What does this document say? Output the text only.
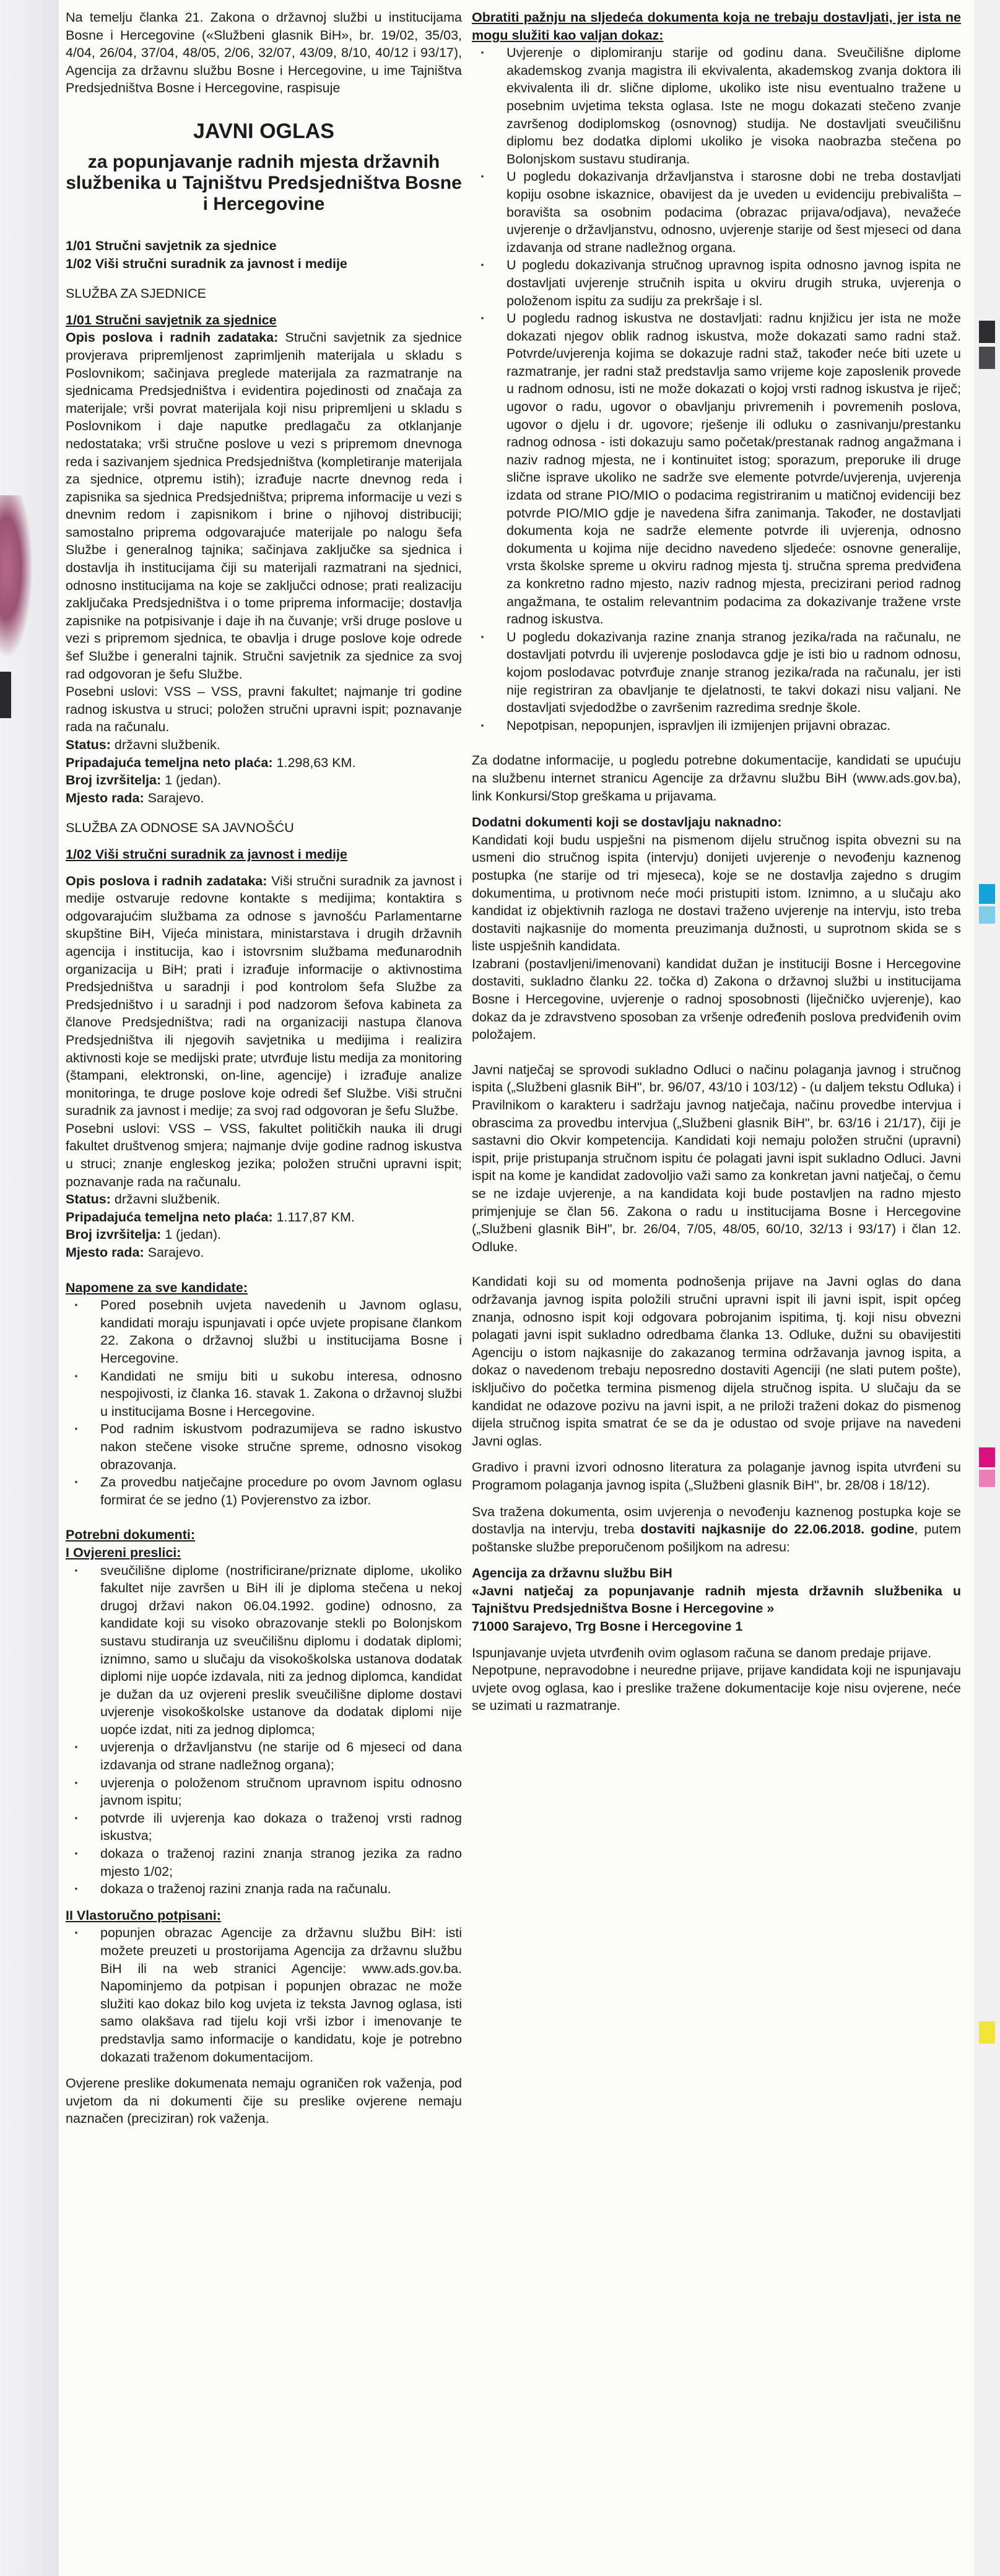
Na temelju članka 21. Zakona o državnoj službi u institucijama Bosne i Hercegovine («Službeni glasnik BiH», br. 19/02, 35/03, 4/04, 26/04, 37/04, 48/05, 2/06, 32/07, 43/09, 8/10, 40/12 i 93/17), Agencija za državnu službu Bosne i Hercegovine, u ime Tajništva Predsjedništva Bosne i Hercegovine, raspisuje

JAVNI OGLAS
za popunjavanje radnih mjesta državnih službenika u Tajništvu Predsjedništva Bosne i Hercegovine

1/01 Stručni savjetnik za sjednice

1/02 Viši stručni suradnik za javnost i medije

SLUŽBA ZA SJEDNICE

1/01 Stručni savjetnik za sjednice

Opis poslova i radnih zadataka: Stručni savjetnik za sjednice provjerava pripremljenost zaprimljenih materijala u skladu s Poslovnikom; sačinjava preglede materijala za razmatranje na sjednicama Predsjedništva i evidentira pojedinosti od značaja za materijale; vrši povrat materijala koji nisu pripremljeni u skladu s Poslovnikom i daje naputke predlagaču za otklanjanje nedostataka; vrši stručne poslove u vezi s pripremom dnevnoga reda i sazivanjem sjednica Predsjedništva (kompletiranje materijala za sjednice, otpremu istih); izrađuje nacrte dnevnog reda i zapisnika sa sjednica Predsjedništva; priprema informacije u vezi s dnevnim redom i zapisnikom i brine o njihovoj distribuciji; samostalno priprema odgovarajuće materijale po nalogu šefa Službe i generalnog tajnika; sačinjava zaključke sa sjednica i dostavlja ih institucijama čiji su materijali razmatrani na sjednici, odnosno institucijama na koje se zaključci odnose; prati realizaciju zaključaka Predsjedništva i o tome priprema informacije; dostavlja zapisnike na potpisivanje i daje ih na čuvanje; vrši druge poslove u vezi s pripremom sjednica, te obavlja i druge poslove koje odrede šef Službe i generalni tajnik. Stručni savjetnik za sjednice za svoj rad odgovoran je šefu Službe.

Posebni uslovi: VSS – VSS, pravni fakultet; najmanje tri godine radnog iskustva u struci; položen stručni upravni ispit; poznavanje rada na računalu.

Status: državni službenik.

Pripadajuća temeljna neto plaća: 1.298,63 KM.

Broj izvršitelja: 1 (jedan).

Mjesto rada: Sarajevo.

SLUŽBA ZA ODNOSE SA JAVNOŠĆU

1/02 Viši stručni suradnik za javnost i medije

Opis poslova i radnih zadataka: Viši stručni suradnik za javnost i medije ostvaruje redovne kontakte s medijima; kontaktira s odgovarajućim službama za odnose s javnošću Parlamentarne skupštine BiH, Vijeća ministara, ministarstava i drugih državnih agencija i institucija, kao i istovrsnim službama međunarodnih organizacija u BiH; prati i izrađuje informacije o aktivnostima Predsjedništva u saradnji i pod kontrolom šefa Službe za Predsjedništvo i u saradnji i pod nadzorom šefova kabineta za članove Predsjedništva; radi na organizaciji nastupa članova Predsjedništva ili njegovih savjetnika u medijima i realizira aktivnosti koje se medijski prate; utvrđuje listu medija za monitoring (štampani, elektronski, on-line, agencije) i izrađuje analize monitoringa, te druge poslove koje odredi šef Službe. Viši stručni suradnik za javnost i medije; za svoj rad odgovoran je šefu Službe.

Posebni uslovi: VSS – VSS, fakultet političkih nauka ili drugi fakultet društvenog smjera; najmanje dvije godine radnog iskustva u struci; znanje engleskog jezika; položen stručni upravni ispit; poznavanje rada na računalu.

Status: državni službenik.

Pripadajuća temeljna neto plaća: 1.117,87 KM.

Broj izvršitelja: 1 (jedan).

Mjesto rada: Sarajevo.

Napomene za sve kandidate:

· Pored posebnih uvjeta navedenih u Javnom oglasu, kandidati moraju ispunjavati i opće uvjete propisane člankom 22. Zakona o državnoj službi u institucijama Bosne i Hercegovine.
· Kandidati ne smiju biti u sukobu interesa, odnosno nespojivosti, iz članka 16. stavak 1. Zakona o državnoj službi u institucijama Bosne i Hercegovine.
· Pod radnim iskustvom podrazumijeva se radno iskustvo nakon stečene visoke stručne spreme, odnosno visokog obrazovanja.
· Za provedbu natječajne procedure po ovom Javnom oglasu formirat će se jedno (1) Povjerenstvo za izbor.

Potrebni dokumenti:

I Ovjereni preslici:

· sveučilišne diplome (nostrificirane/priznate diplome, ukoliko fakultet nije završen u BiH ili je diploma stečena u nekoj drugoj državi nakon 06.04.1992. godine) odnosno, za kandidate koji su visoko obrazovanje stekli po Bolonjskom sustavu studiranja uz sveučilišnu diplomu i dodatak diplomi; iznimno, samo u slučaju da visokoškolska ustanova dodatak diplomi nije uopće izdavala, niti za jednog diplomca, kandidat je dužan da uz ovjereni preslik sveučilišne diplome dostavi uvjerenje visokoškolske ustanove da dodatak diplomi nije uopće izdat, niti za jednog diplomca;
· uvjerenja o državljanstvu (ne starije od 6 mjeseci od dana izdavanja od strane nadležnog organa);
· uvjerenja o položenom stručnom upravnom ispitu odnosno javnom ispitu;
· potvrde ili uvjerenja kao dokaza o traženoj vrsti radnog iskustva;
· dokaza o traženoj razini znanja stranog jezika za radno mjesto 1/02;
· dokaza o traženoj razini znanja rada na računalu.

II Vlastoručno potpisani:

· popunjen obrazac Agencije za državnu službu BiH: isti možete preuzeti u prostorijama Agencija za državnu službu BiH ili na web stranici Agencije: www.ads.gov.ba. Napominjemo da potpisan i popunjen obrazac ne može služiti kao dokaz bilo kog uvjeta iz teksta Javnog oglasa, isti samo olakšava rad tijelu koji vrši izbor i imenovanje te predstavlja samo informacije o kandidatu, koje je potrebno dokazati traženom dokumentacijom.

Ovjerene preslike dokumenata nemaju ograničen rok važenja, pod uvjetom da ni dokumenti čije su preslike ovjerene nemaju naznačen (preciziran) rok važenja.

Obratiti pažnju na sljedeća dokumenta koja ne trebaju dostavljati, jer ista ne mogu služiti kao valjan dokaz:

· Uvjerenje o diplomiranju starije od godinu dana. Sveučilišne diplome akademskog zvanja magistra ili ekvivalenta, akademskog zvanja doktora ili ekvivalenta ili dr. slične diplome, ukoliko iste nisu eventualno tražene u posebnim uvjetima teksta oglasa. Iste ne mogu dokazati stečeno zvanje završenog dodiplomskog (osnovnog) studija. Ne dostavljati sveučilišnu diplomu bez dodatka diplomi ukoliko je visoka naobrazba stečena po Bolonjskom sustavu studiranja.
· U pogledu dokazivanja državljanstva i starosne dobi ne treba dostavljati kopiju osobne iskaznice, obavijest da je uveden u evidenciju prebivališta – boravišta sa osobnim podacima (obrazac prijava/odjava), nevažeće uvjerenje o državljanstvu, odnosno, uvjerenje starije od šest mjeseci od dana izdavanja od strane nadležnog organa.
· U pogledu dokazivanja stručnog upravnog ispita odnosno javnog ispita ne dostavljati uvjerenje stručnih ispita u okviru drugih struka, uvjerenja o položenom ispitu za sudiju za prekršaje i sl.
· U pogledu radnog iskustva ne dostavljati: radnu knjižicu jer ista ne može dokazati njegov oblik radnog iskustva, može dokazati samo radni staž. Potvrde/uvjerenja kojima se dokazuje radni staž, također neće biti uzete u razmatranje, jer radni staž predstavlja samo vrijeme koje zaposlenik provede u radnom odnosu, isti ne može dokazati o kojoj vrsti radnog iskustva je riječ; ugovor o radu, ugovor o obavljanju privremenih i povremenih poslova, ugovor o djelu i dr. ugovore; rješenje ili odluku o zasnivanju/prestanku radnog odnosa - isti dokazuju samo početak/prestanak radnog angažmana i naziv radnog mjesta, ne i kontinuitet istog; sporazum, preporuke ili druge slične isprave ukoliko ne sadrže sve elemente potvrde/uvjerenja, uvjerenja izdata od strane PIO/MIO o podacima registriranim u matičnoj evidenciji bez potvrde PIO/MIO gdje je navedena šifra zanimanja. Također, ne dostavljati dokumenta koja ne sadrže elemente potvrde ili uvjerenja, odnosno dokumenta u kojima nije decidno navedeno sljedeće: osnovne generalije, vrsta školske spreme u okviru radnog mjesta tj. stručna sprema predviđena za konkretno radno mjesto, naziv radnog mjesta, precizirani period radnog angažmana, te ostalim relevantnim podacima za dokazivanje tražene vrste radnog iskustva.
· U pogledu dokazivanja razine znanja stranog jezika/rada na računalu, ne dostavljati potvrdu ili uvjerenje poslodavca gdje je isti bio u radnom odnosu, kojom poslodavac potvrđuje znanje stranog jezika/rada na računalu, jer isti nije registriran za obavljanje te djelatnosti, te takvi dokazi nisu valjani. Ne dostavljati svjedodžbe o završenim razredima srednje škole.
· Nepotpisan, nepopunjen, ispravljen ili izmijenjen prijavni obrazac.

Za dodatne informacije, u pogledu potrebne dokumentacije, kandidati se upućuju na službenu internet stranicu Agencije za državnu službu BiH (www.ads.gov.ba), link Konkursi/Stop greškama u prijavama.

Dodatni dokumenti koji se dostavljaju naknadno:

Kandidati koji budu uspješni na pismenom dijelu stručnog ispita obvezni su na usmeni dio stručnog ispita (intervju) donijeti uvjerenje o nevođenju kaznenog postupka (ne starije od tri mjeseca), koje se ne dostavlja zajedno s drugim dokumentima, u protivnom neće moći pristupiti istom. Iznimno, a u slučaju ako kandidat iz objektivnih razloga ne dostavi traženo uvjerenje na intervju, isto treba dostaviti najkasnije do momenta preuzimanja dužnosti, u suprotnom skida se s liste uspješnih kandidata.

Izabrani (postavljeni/imenovani) kandidat dužan je instituciji Bosne i Hercegovine dostaviti, sukladno članku 22. točka d) Zakona o državnoj službi u institucijama Bosne i Hercegovine, uvjerenje o radnoj sposobnosti (liječničko uvjerenje), kao dokaz da je zdravstveno sposoban za vršenje određenih poslova predviđenih ovim položajem.

Javni natječaj se sprovodi sukladno Odluci o načinu polaganja javnog i stručnog ispita („Službeni glasnik BiH", br. 96/07, 43/10 i 103/12) - (u daljem tekstu Odluka) i Pravilnikom o karakteru i sadržaju javnog natječaja, načinu provedbe intervjua i obrascima za provedbu intervjua („Službeni glasnik BiH", br. 63/16 i 21/17), čiji je sastavni dio Okvir kompetencija. Kandidati koji nemaju položen stručni (upravni) ispit, prije pristupanja stručnom ispitu će polagati javni ispit sukladno Odluci. Javni ispit na kome je kandidat zadovoljio važi samo za konkretan javni natječaj, o čemu se ne izdaje uvjerenje, a na kandidata koji bude postavljen na radno mjesto primjenjuje se član 56. Zakona o radu u institucijama Bosne i Hercegovine („Službeni glasnik BiH", br. 26/04, 7/05, 48/05, 60/10, 32/13 i 93/17) i član 12. Odluke.

Kandidati koji su od momenta podnošenja prijave na Javni oglas do dana održavanja javnog ispita položili stručni upravni ispit ili javni ispit, ispit općeg znanja, odnosno ispit koji odgovara pobrojanim ispitima, tj. koji nisu obvezni polagati javni ispit sukladno odredbama članka 13. Odluke, dužni su obavijestiti Agenciju o istom najkasnije do zakazanog termina održavanja javnog ispita, a dokaz o navedenom trebaju neposredno dostaviti Agenciji (ne slati putem pošte), isključivo do početka termina pismenog dijela stručnog ispita. U slučaju da se kandidat ne odazove pozivu na javni ispit, a ne priloži traženi dokaz do pismenog dijela stručnog ispita smatrat će se da je odustao od svoje prijave na navedeni Javni oglas.

Gradivo i pravni izvori odnosno literatura za polaganje javnog ispita utvrđeni su Programom polaganja javnog ispita („Službeni glasnik BiH", br. 28/08 i 18/12).

Sva tražena dokumenta, osim uvjerenja o nevođenju kaznenog postupka koje se dostavlja na intervju, treba dostaviti najkasnije do 22.06.2018. godine, putem poštanske službe preporučenom pošiljkom na adresu:

Agencija za državnu službu BiH

«Javni natječaj za popunjavanje radnih mjesta državnih službenika u Tajništvu Predsjedništva Bosne i Hercegovine »

71000 Sarajevo, Trg Bosne i Hercegovine 1

Ispunjavanje uvjeta utvrđenih ovim oglasom računa se danom predaje prijave.

Nepotpune, nepravodobne i neuredne prijave, prijave kandidata koji ne ispunjavaju uvjete ovog oglasa, kao i preslike tražene dokumentacije koje nisu ovjerene, neće se uzimati u razmatranje.
